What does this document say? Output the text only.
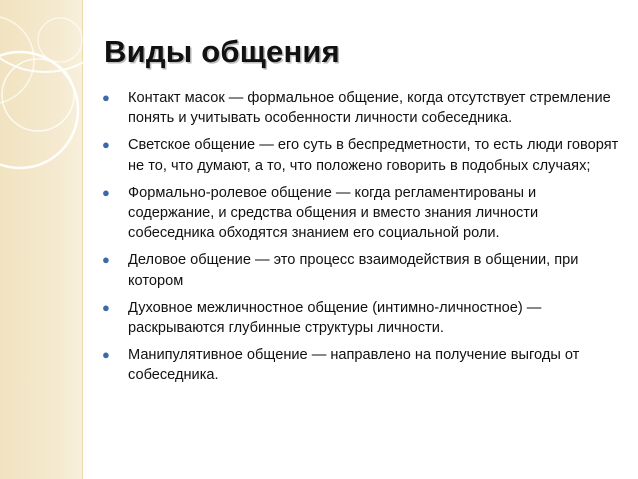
Виды общения
● Контакт масок — формальное общение, когда отсутствует стремление понять и учитывать особенности личности собеседника.
● Светское общение — его суть в беспредметности, то есть люди говорят не то, что думают, а то, что положено говорить в подобных случаях;
● Формально-ролевое общение — когда регламентированы и содержание, и средства общения и вместо знания личности собеседника обходятся знанием его социальной роли.
● Деловое общение — это процесс взаимодействия в общении, при котором
● Духовное межличностное общение (интимно-личностное) — раскрываются глубинные структуры личности.
● Манипулятивное общение — направлено на получение выгоды от собеседника.
